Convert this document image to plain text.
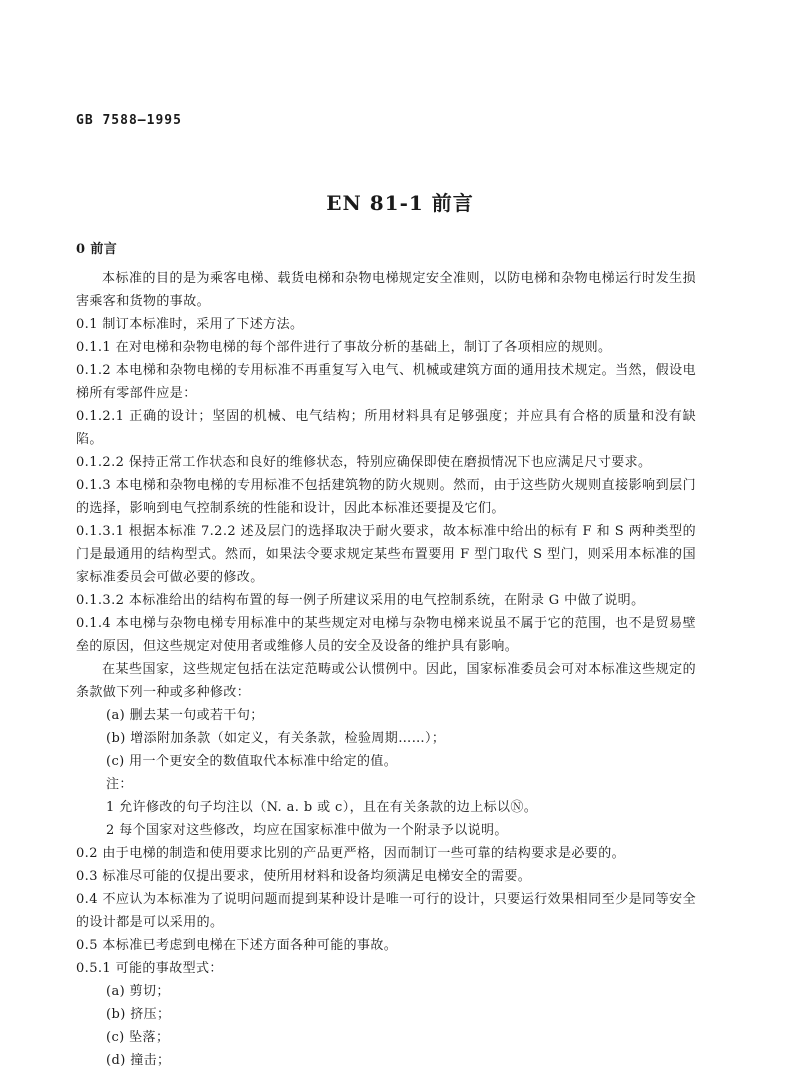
GB 7588—1995
EN 81-1 前言

0 前言

本标准的目的是为乘客电梯、载货电梯和杂物电梯规定安全准则，以防电梯和杂物电梯运行时发生损害乘客和货物的事故。

0.1 制订本标准时，采用了下述方法。

0.1.1 在对电梯和杂物电梯的每个部件进行了事故分析的基础上，制订了各项相应的规则。

0.1.2 本电梯和杂物电梯的专用标准不再重复写入电气、机械或建筑方面的通用技术规定。当然，假设电梯所有零部件应是：

0.1.2.1 正确的设计；坚固的机械、电气结构；所用材料具有足够强度；并应具有合格的质量和没有缺陷。

0.1.2.2 保持正常工作状态和良好的维修状态，特别应确保即使在磨损情况下也应满足尺寸要求。

0.1.3 本电梯和杂物电梯的专用标准不包括建筑物的防火规则。然而，由于这些防火规则直接影响到层门的选择，影响到电气控制系统的性能和设计，因此本标准还要提及它们。

0.1.3.1 根据本标准 7.2.2 述及层门的选择取决于耐火要求，故本标准中给出的标有 F 和 S 两种类型的门是最通用的结构型式。然而，如果法令要求规定某些布置要用 F 型门取代 S 型门，则采用本标准的国家标准委员会可做必要的修改。

0.1.3.2 本标准给出的结构布置的每一例子所建议采用的电气控制系统，在附录 G 中做了说明。

0.1.4 本电梯与杂物电梯专用标准中的某些规定对电梯与杂物电梯来说虽不属于它的范围，也不是贸易壁垒的原因，但这些规定对使用者或维修人员的安全及设备的维护具有影响。

在某些国家，这些规定包括在法定范畴或公认惯例中。因此，国家标准委员会可对本标准这些规定的条款做下列一种或多种修改：

(a) 删去某一句或若干句；

(b) 增添附加条款（如定义，有关条款，检验周期……）；

(c) 用一个更安全的数值取代本标准中给定的值。

注：

1 允许修改的句子均注以（N. a. b 或 c），且在有关条款的边上标以Ⓝ。

2 每个国家对这些修改，均应在国家标准中做为一个附录予以说明。

0.2 由于电梯的制造和使用要求比别的产品更严格，因而制订一些可靠的结构要求是必要的。

0.3 标准尽可能的仅提出要求，使所用材料和设备均须满足电梯安全的需要。

0.4 不应认为本标准为了说明问题而提到某种设计是唯一可行的设计，只要运行效果相同至少是同等安全的设计都是可以采用的。

0.5 本标准已考虑到电梯在下述方面各种可能的事故。

0.5.1 可能的事故型式：

(a) 剪切；

(b) 挤压；

(c) 坠落；

(d) 撞击；
